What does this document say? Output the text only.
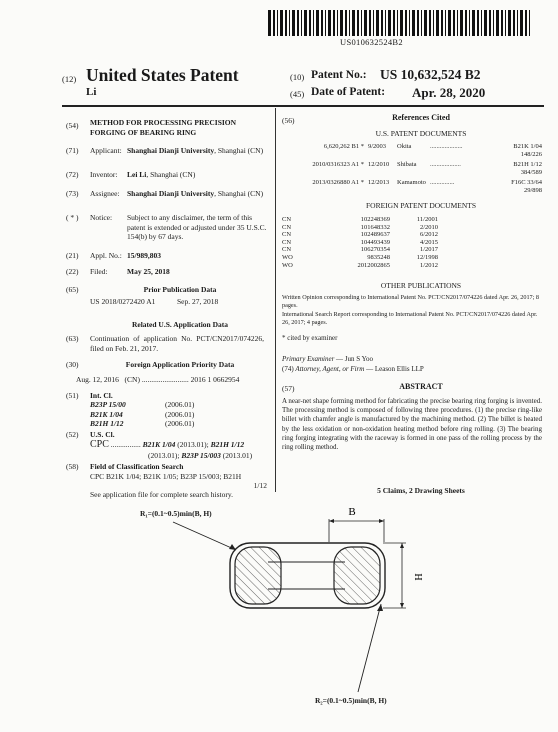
US010632524B2
(12) United States Patent
Li
(10) Patent No.: US 10,632,524 B2
(45) Date of Patent: Apr. 28, 2020
(54) METHOD FOR PROCESSING PRECISION FORGING OF BEARING RING
(71) Applicant: Shanghai Dianji University, Shanghai (CN)
(72) Inventor: Lei Li, Shanghai (CN)
(73) Assignee: Shanghai Dianji University, Shanghai (CN)
( * ) Notice: Subject to any disclaimer, the term of this patent is extended or adjusted under 35 U.S.C. 154(b) by 67 days.
(21) Appl. No.: 15/989,803
(22) Filed:	May 25, 2018
(65)	Prior Publication Data
US 2018/0272420 A1	Sep. 27, 2018
Related U.S. Application Data
(63) Continuation of application No. PCT/CN2017/074226, filed on Feb. 21, 2017.
(30)	Foreign Application Priority Data
Aug. 12, 2016 (CN) ......................... 2016 1 0662954
(51) Int. Cl.
B23P 15/00	(2006.01)
B21K 1/04	(2006.01)
B21H 1/12	(2006.01)
(52) U.S. Cl.
CPC ................ B21K 1/04 (2013.01); B21H 1/12
(2013.01); B23P 15/003 (2013.01)
(58) Field of Classification Search
CPC B21K 1/04; B21K 1/05; B23P 15/003; B21H
1/12
See application file for complete search history.
(56)	References Cited
U.S. PATENT DOCUMENTS
6,620,262 B1 * 9/2003 Okita	....................	B21K 1/04
148/226
2010/0316323 A1 * 12/2010 Shibata ...................	B21H 1/12
384/589
2013/0326880 A1 * 12/2013 Kamamoto ...............	F16C 33/64
29/898
FOREIGN PATENT DOCUMENTS
CN	102248369	11/2001
CN	101648332	2/2010
CN	102489637	6/2012
CN	104493439	4/2015
CN	106270354	1/2017
WO	9835248	12/1998
WO	2012002865	1/2012
OTHER PUBLICATIONS
Written Opinion corresponding to International Patent No. PCT/CN2017/074226 dated Apr. 26, 2017; 8 pages.
International Search Report corresponding to International Patent No. PCT/CN2017/074226 dated Apr. 26, 2017; 4 pages.
* cited by examiner
Primary Examiner — Jun S Yoo
(74) Attorney, Agent, or Firm — Leason Ellis LLP
(57)	ABSTRACT
A near-net shape forming method for fabricating the precise bearing ring forging is invented. The processing method is composed of following three procedures. (1) the precise ring-like billet with chamfer angle is manufactured by the machining method. (2) The billet is heated by the less oxidation or non-oxidation heating method before ring rolling. (3) The bearing ring forging integrating with the raceway is formed in one pass of the rolling process by the ring rolling method.
5 Claims, 2 Drawing Sheets
R₁=(0.1~0.5)min(B, H)
R₂=(0.1~0.5)min(B, H)
B
H
